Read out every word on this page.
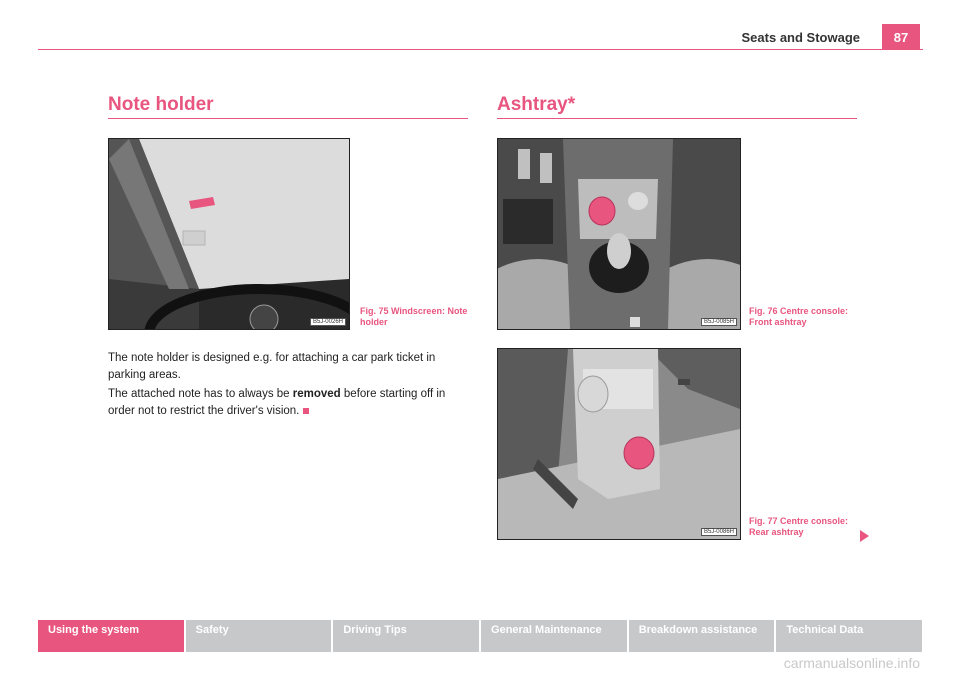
Seats and Stowage	87
Note holder
B5J-0026H
Fig. 75 Windscreen: Note holder

The note holder is designed e.g. for attaching a car park ticket in parking areas.

The attached note has to always be removed before starting off in order not to restrict the driver's vision.

Ashtray*
B5J-0085H
Fig. 76 Centre console: Front ashtray
B5J-0086H
Fig. 77 Centre console: Rear ashtray
Using the system	Safety	Driving Tips	General Maintenance	Breakdown assistance	Technical Data
carmanualsonline.info
